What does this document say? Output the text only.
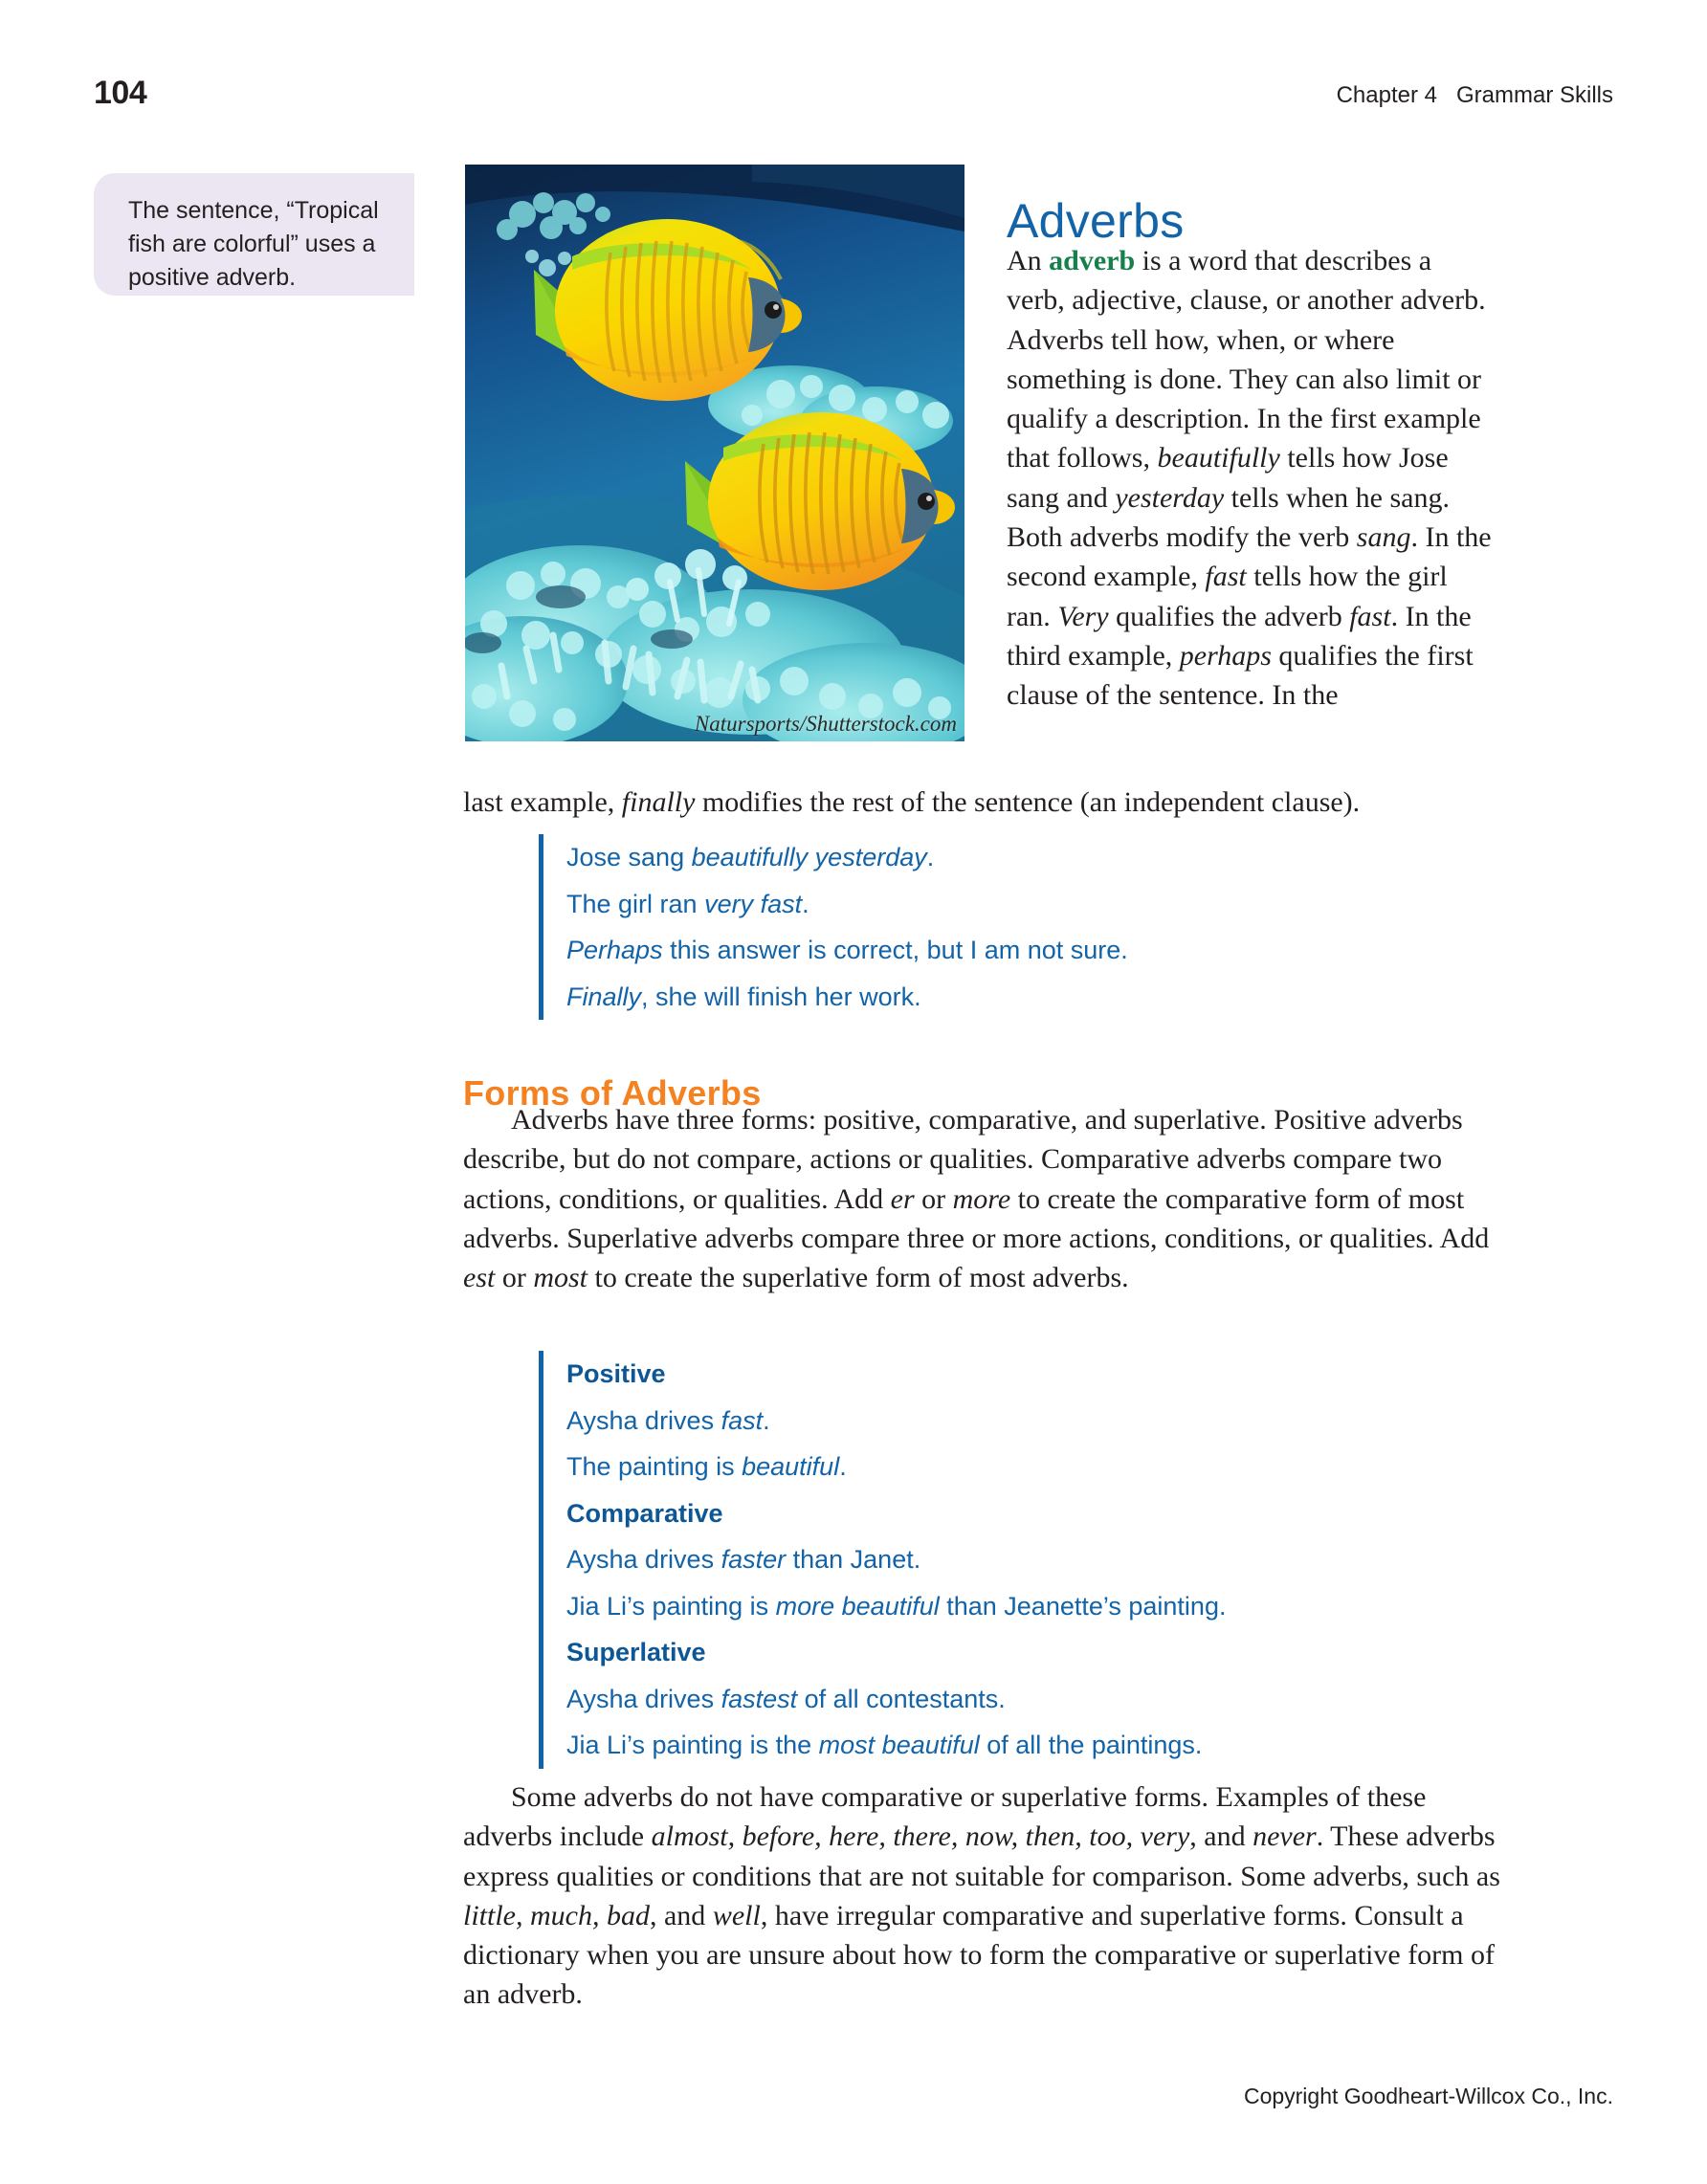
104	Chapter 4   Grammar Skills
The sentence, “Tropical fish are colorful” uses a positive adverb.
Natursports/Shutterstock.com
Adverbs
An adverb is a word that describes a verb, adjective, clause, or another adverb. Adverbs tell how, when, or where something is done. They can also limit or qualify a description. In the first example that follows, beautifully tells how Jose sang and yesterday tells when he sang. Both adverbs modify the verb sang. In the second example, fast tells how the girl ran. Very qualifies the adverb fast. In the third example, perhaps qualifies the first clause of the sentence. In the
last example, finally modifies the rest of the sentence (an independent clause).
Jose sang beautifully yesterday.
The girl ran very fast.
Perhaps this answer is correct, but I am not sure.
Finally, she will finish her work.
Forms of Adverbs
Adverbs have three forms: positive, comparative, and superlative. Positive adverbs describe, but do not compare, actions or qualities. Comparative adverbs compare two actions, conditions, or qualities. Add er or more to create the comparative form of most adverbs. Superlative adverbs compare three or more actions, conditions, or qualities. Add est or most to create the superlative form of most adverbs.
Positive
Aysha drives fast.
The painting is beautiful.
Comparative
Aysha drives faster than Janet.
Jia Li’s painting is more beautiful than Jeanette’s painting.
Superlative
Aysha drives fastest of all contestants.
Jia Li’s painting is the most beautiful of all the paintings.
Some adverbs do not have comparative or superlative forms. Examples of these adverbs include almost, before, here, there, now, then, too, very, and never. These adverbs express qualities or conditions that are not suitable for comparison. Some adverbs, such as little, much, bad, and well, have irregular comparative and superlative forms. Consult a dictionary when you are unsure about how to form the comparative or superlative form of an adverb.
Copyright Goodheart-Willcox Co., Inc.
